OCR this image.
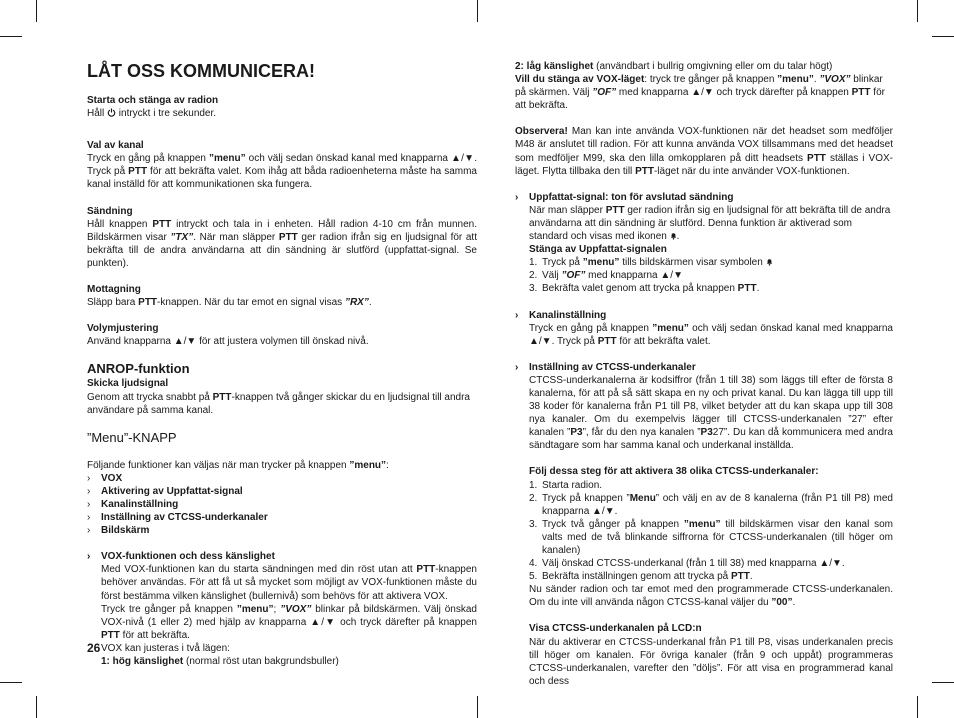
LÅT OSS KOMMUNICERA!

Starta och stänga av radion

Håll  intryckt i tre sekunder.

Val av kanal

Tryck en gång på knappen ”menu” och välj sedan önskad kanal med knapparna ▲/▼. Tryck på PTT för att bekräfta valet. Kom ihåg att båda radioenheterna måste ha samma kanal inställd för att kommunikationen ska fungera.

Sändning

Håll knappen PTT intryckt och tala in i enheten. Håll radion 4-10 cm från munnen. Bildskärmen visar ”TX”. När man släpper PTT ger radion ifrån sig en ljudsignal för att bekräfta till de andra användarna att din sändning är slutförd (uppfattat-signal. Se punkten).

Mottagning

Släpp bara PTT-knappen. När du tar emot en signal visas ”RX”.

Volymjustering

Använd knapparna ▲/▼ för att justera volymen till önskad nivå.

ANROP-funktion

Skicka ljudsignal

Genom att trycka snabbt på PTT-knappen två gånger skickar du en ljudsignal till andra användare på samma kanal.

”Menu”-KNAPP

Följande funktioner kan väljas när man trycker på knappen ”menu”:

›	VOX

›	Aktivering av Uppfattat-signal

›	Kanalinställning

›	Inställning av CTCSS-underkanaler

›	Bildskärm

›	VOX-funktionen och dess känslighet

Med VOX-funktionen kan du starta sändningen med din röst utan att PTT-knappen behöver användas. För att få ut så mycket som möjligt av VOX-funktionen måste du först bestämma vilken känslighet (bullernivå) som behövs för att aktivera VOX.

Tryck tre gånger på knappen ”menu”; ”VOX” blinkar på bildskärmen. Välj önskad VOX-nivå (1 eller 2) med hjälp av knapparna ▲/▼ och tryck därefter på knappen PTT för att bekräfta.

VOX kan justeras i två lägen:

1: hög känslighet (normal röst utan bakgrundsbuller)

26

2: låg känslighet (användbart i bullrig omgivning eller om du talar högt)

Vill du stänga av VOX-läget: tryck tre gånger på knappen ”menu”. ”VOX” blinkar på skärmen. Välj ”OF” med knapparna ▲/▼ och tryck därefter på knappen PTT för att bekräfta.

Observera! Man kan inte använda VOX-funktionen när det headset som medföljer M48 är anslutet till radion. För att kunna använda VOX tillsammans med det headset som medföljer M99, ska den lilla omkopplaren på ditt headsets PTT ställas i VOX-läget. Flytta tillbaka den till PTT-läget när du inte använder VOX-funktionen.

›	Uppfattat-signal: ton för avslutad sändning

När man släpper PTT ger radion ifrån sig en ljudsignal för att bekräfta till de andra användarna att din sändning är slutförd. Denna funktion är aktiverad som standard och visas med ikonen .

Stänga av Uppfattat-signalen

1. Tryck på ”menu” tills bildskärmen visar symbolen
2. Välj ”OF” med knapparna ▲/▼
3. Bekräfta valet genom att trycka på knappen PTT.

›	Kanalinställning

Tryck en gång på knappen ”menu” och välj sedan önskad kanal med knapparna ▲/▼. Tryck på PTT för att bekräfta valet.

›	Inställning av CTCSS-underkanaler

CTCSS-underkanalerna är kodsiffror (från 1 till 38) som läggs till efter de första 8 kanalerna, för att på så sätt skapa en ny och privat kanal. Du kan lägga till upp till 38 koder för kanalerna från P1 till P8, vilket betyder att du kan skapa upp till 308 nya kanaler. Om du exempelvis lägger till CTCSS-underkanalen ”27” efter kanalen ”P3”, får du den nya kanalen ”P327”. Du kan då kommunicera med andra sändtagare som har samma kanal och underkanal inställda.

Följ dessa steg för att aktivera 38 olika CTCSS-underkanaler:

1. Starta radion.
2. Tryck på knappen ”Menu” och välj en av de 8 kanalerna (från P1 till P8) med knapparna ▲/▼.
3. Tryck två gånger på knappen ”menu” till bildskärmen visar den kanal som valts med de två blinkande siffrorna för CTCSS-underkanalen (till höger om kanalen)
4. Välj önskad CTCSS-underkanal (från 1 till 38) med knapparna ▲/▼.
5. Bekräfta inställningen genom att trycka på PTT.

Nu sänder radion och tar emot med den programmerade CTCSS-underkanalen. Om du inte vill använda någon CTCSS-kanal väljer du ”00”.

Visa CTCSS-underkanalen på LCD:n

När du aktiverar en CTCSS-underkanal från P1 till P8, visas underkanalen precis till höger om kanalen. För övriga kanaler (från 9 och uppåt) programmeras CTCSS-underkanalen, varefter den ”döljs”. För att visa en programmerad kanal och dess
